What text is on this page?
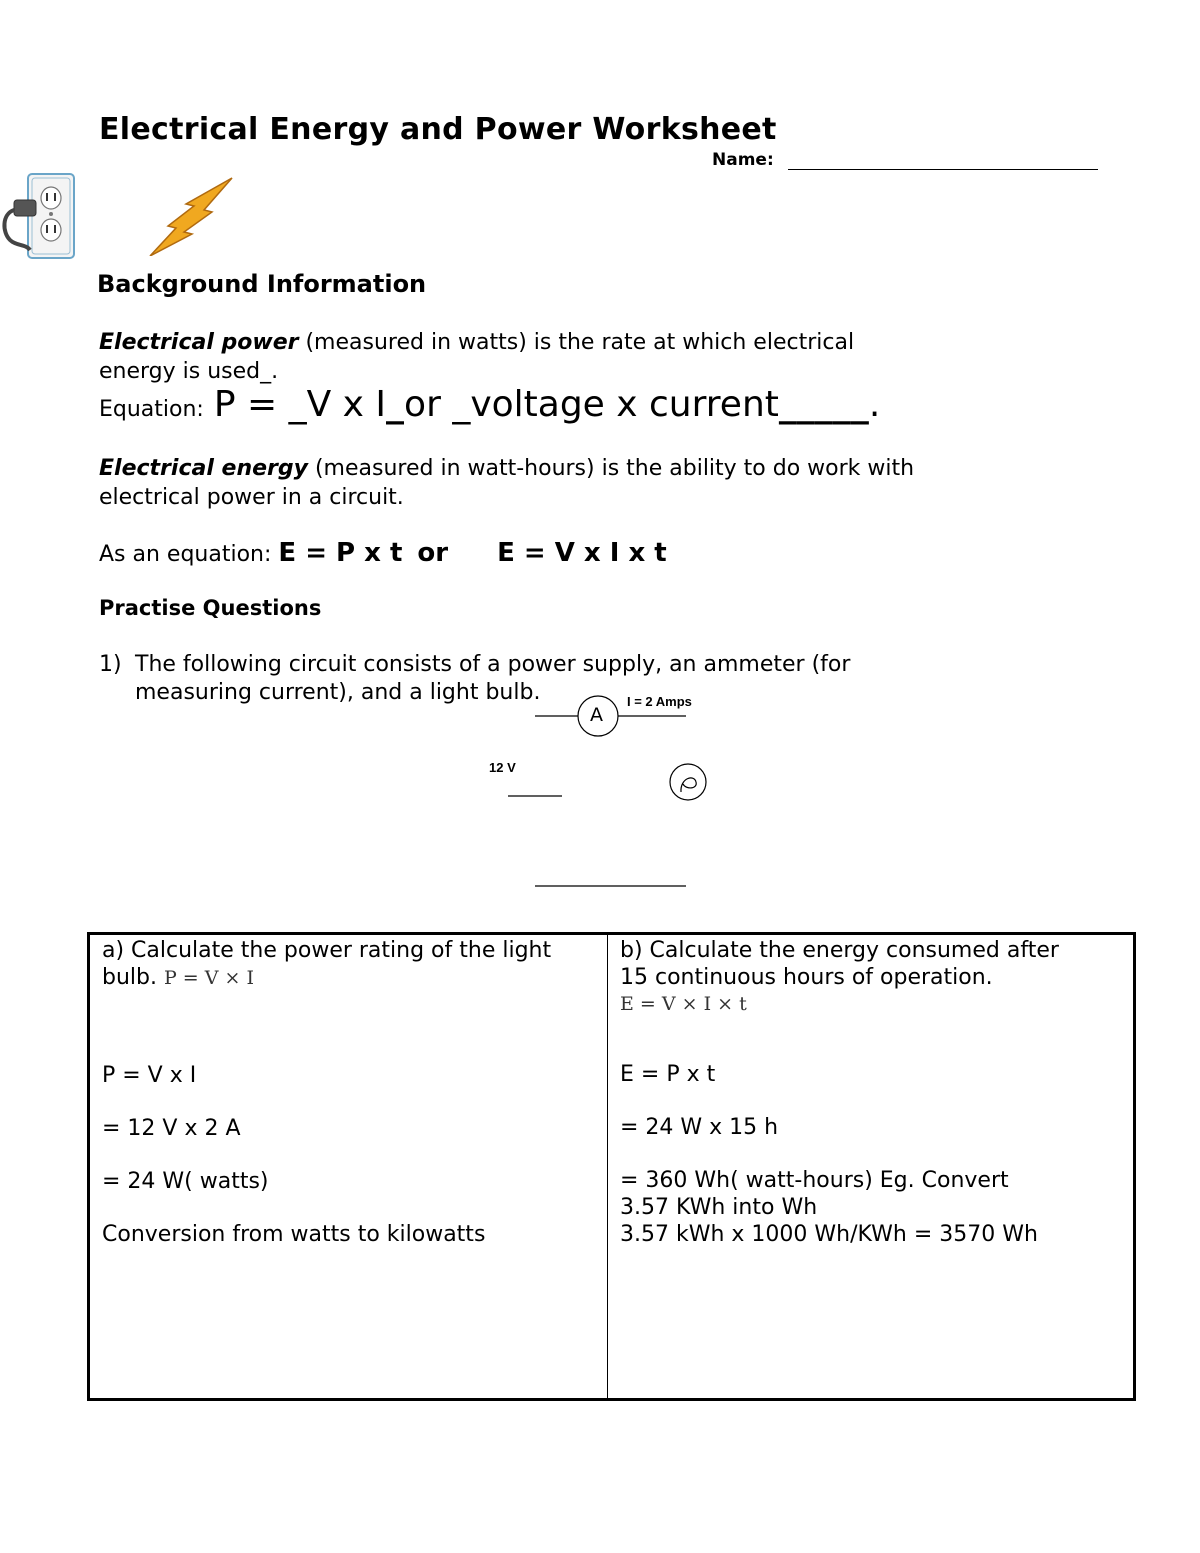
Electrical Energy and Power Worksheet
Name:
Background Information
Electrical power (measured in watts) is the rate at which electrical
energy is used_.
Equation: P = _V x I_or _voltage x current_____.
Electrical energy (measured in watt-hours) is the ability to do work with
electrical power in a circuit.
As an equation: E = P x t or E = V x I x t
Practise Questions
1) The following circuit consists of a power supply, an ammeter (for
measuring current), and a light bulb.
A
I = 2 Amps
12 V
a) Calculate the power rating of the light
bulb. P = V × I
P = V x I
= 12 V x 2 A
= 24 W( watts)
Conversion from watts to kilowatts

b) Calculate the energy consumed after
15 continuous hours of operation.
E = V × I × t
E = P x t
= 24 W x 15 h
= 360 Wh( watt-hours) Eg. Convert
3.57 KWh into Wh
3.57 kWh x 1000 Wh/KWh = 3570 Wh
